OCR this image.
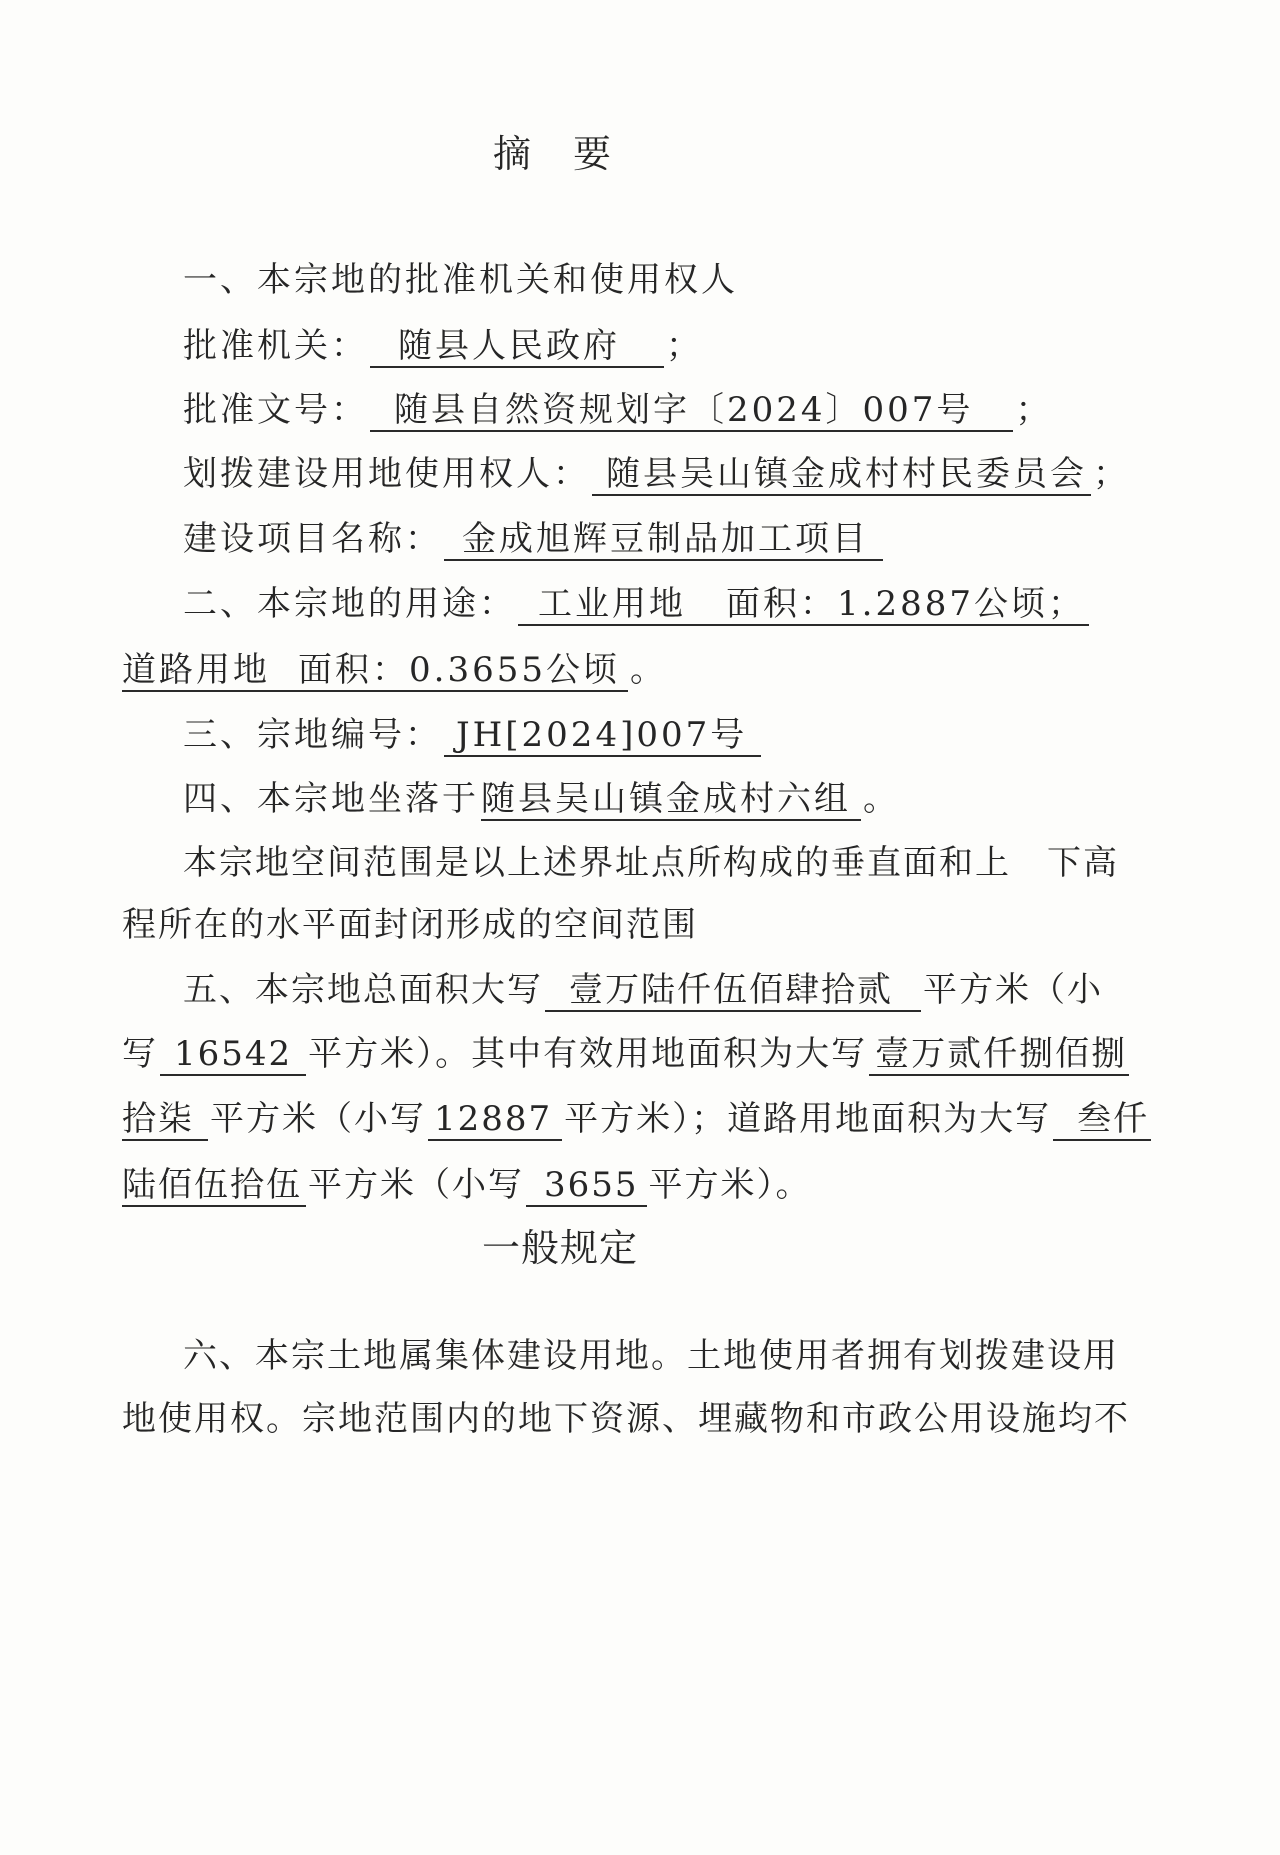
摘　要
一、本宗地的批准机关和使用权人
批准机关： 随县人民政府 ；
批准文号： 随县自然资规划字〔2024〕007号 ；
划拨建设用地使用权人： 随县吴山镇金成村村民委员会 ；
建设项目名称： 金成旭辉豆制品加工项目
二、本宗地的用途： 工业用地 面积：1.2887公顷；
道路用地 面积：0.3655公顷 。
三、宗地编号： JH[2024]007号
四、本宗地坐落于随县吴山镇金成村六组 。
本宗地空间范围是以上述界址点所构成的垂直面和上　下高
程所在的水平面封闭形成的空间范围
五、本宗地总面积大写 壹万陆仟伍佰肆拾贰 平方米（小
写 16542 平方米）。其中有效用地面积为大写 壹万贰仟捌佰捌
拾柒 平方米（小写 12887 平方米）；道路用地面积为大写 叁仟
陆佰伍拾伍 平方米（小写 3655 平方米）。
一般规定
六、本宗土地属集体建设用地。土地使用者拥有划拨建设用
地使用权。宗地范围内的地下资源、埋藏物和市政公用设施均不
